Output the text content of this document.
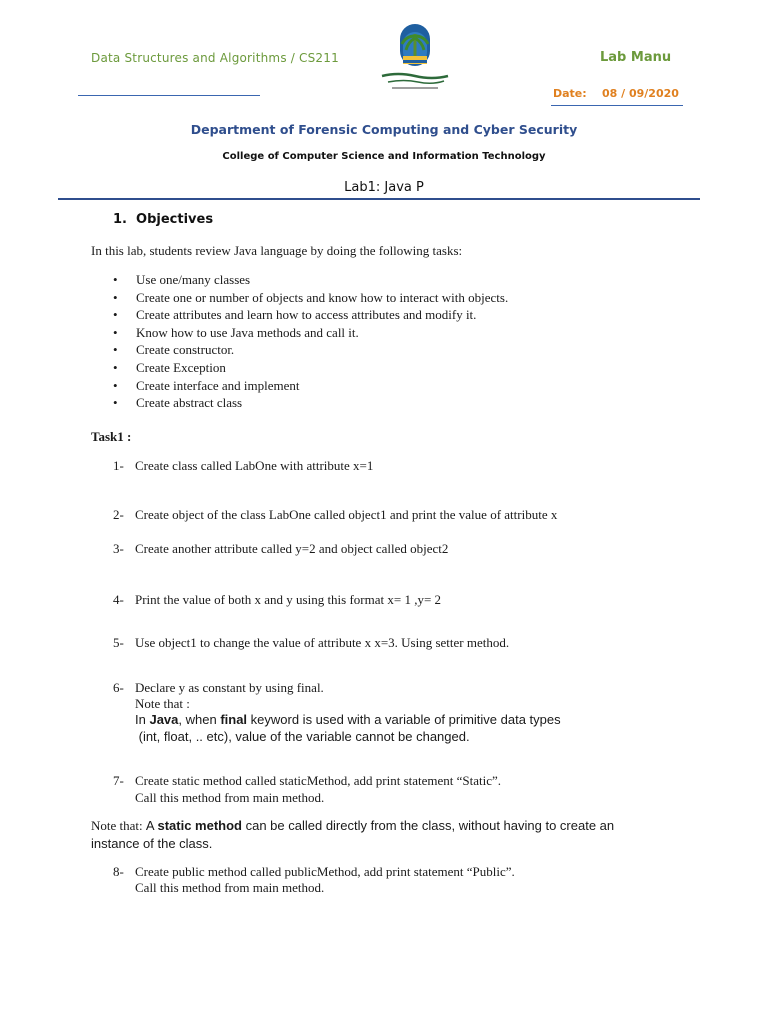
Data Structures and Algorithms / CS211	Lab Manu
Date: 08 / 09/2020
Department of Forensic Computing and Cyber Security
College of Computer Science and Information Technology
Lab1: Java P
1.  Objectives
In this lab, students review Java language by doing the following tasks:
• Use one/many classes
• Create one or number of objects and know how to interact with objects.
• Create attributes and learn how to access attributes and modify it.
• Know how to use Java methods and call it.
• Create constructor.
• Create Exception
• Create interface and implement
• Create abstract class
Task1 :
1- Create class called LabOne with attribute x=1
2- Create object of the class LabOne called object1 and print the value of attribute x
3- Create another attribute called y=2 and object called object2
4- Print the value of both x and y using this format x= 1 ,y= 2
5- Use object1 to change the value of attribute x x=3. Using setter method.
6- Declare y as constant by using final.
Note that :
In Java, when final keyword is used with a variable of primitive data types
(int, float, .. etc), value of the variable cannot be changed.
7- Create static method called staticMethod, add print statement “Static”.
Call this method from main method.
Note that: A static method can be called directly from the class, without having to create an
instance of the class.
8- Create public method called publicMethod, add print statement “Public”.
Call this method from main method.
